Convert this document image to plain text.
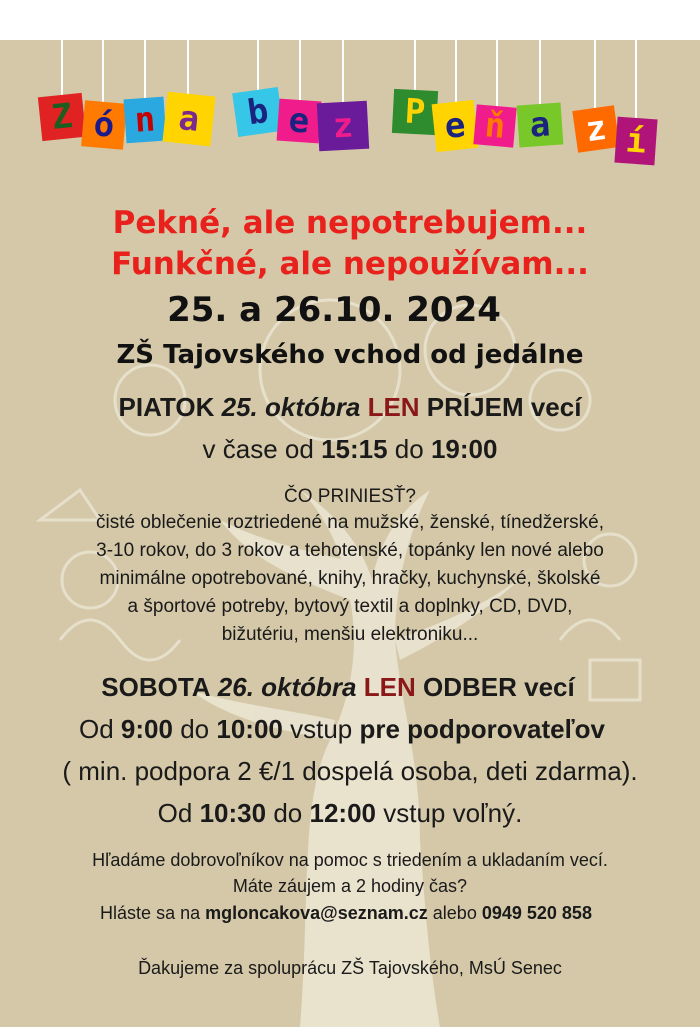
Z ó n a	b e z	P e ň a z í

Pekné, ale nepotrebujem...

Funkčné, ale nepoužívam...

25. a 26.10. 2024

ZŠ Tajovského vchod od jedálne

PIATOK 25. októbra LEN PRÍJEM vecí

v čase od 15:15 do 19:00

ČO PRINIESŤ?

čisté oblečenie roztriedené na mužské, ženské, tínedžerské,

3-10 rokov, do 3 rokov a tehotenské, topánky len nové alebo

minimálne opotrebované, knihy, hračky, kuchynské, školské

a športové potreby, bytový textil a doplnky, CD, DVD,

bižutériu, menšiu elektroniku...

SOBOTA 26. októbra LEN ODBER vecí

Od 9:00 do 10:00 vstup pre podporovateľov

( min. podpora 2 €/1 dospelá osoba, deti zdarma).

Od 10:30 do 12:00 vstup voľný.

Hľadáme dobrovoľníkov na pomoc s triedením a ukladaním vecí.

Máte záujem a 2 hodiny čas?

Hláste sa na mgloncakova@seznam.cz alebo 0949 520 858

Ďakujeme za spoluprácu ZŠ Tajovského, MsÚ Senec
